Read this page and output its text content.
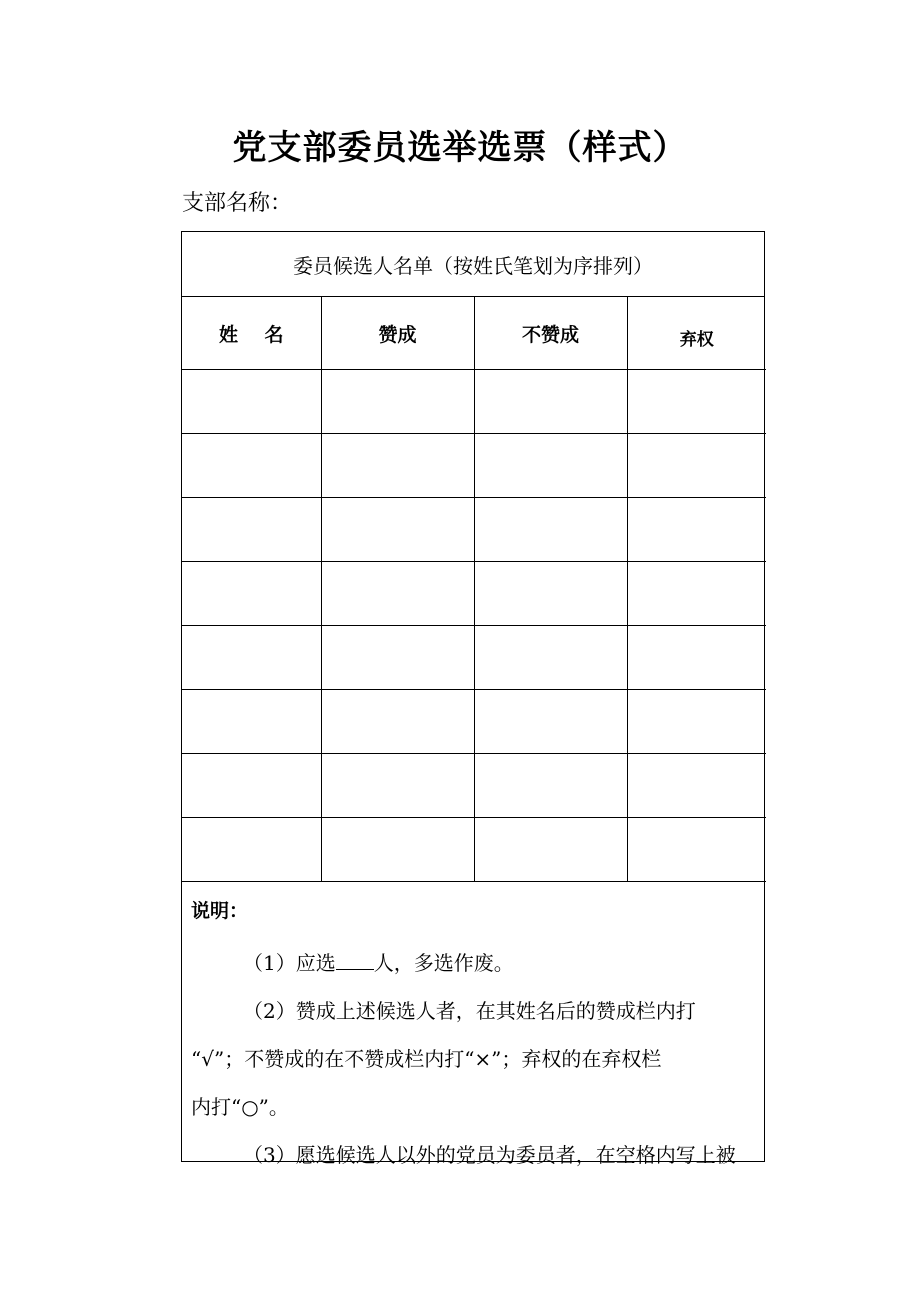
党支部委员选举选票（样式）
支部名称：
委员候选人名单（按姓氏笔划为序排列）
姓    名	赞成	不赞成	弃权

说明：

（1）应选 人，多选作废。

（2）赞成上述候选人者，在其姓名后的赞成栏内打

“√”；不赞成的在不赞成栏内打“×”；弃权的在弃权栏

内打“○”。

（3）愿选候选人以外的党员为委员者，在空格内写上被
